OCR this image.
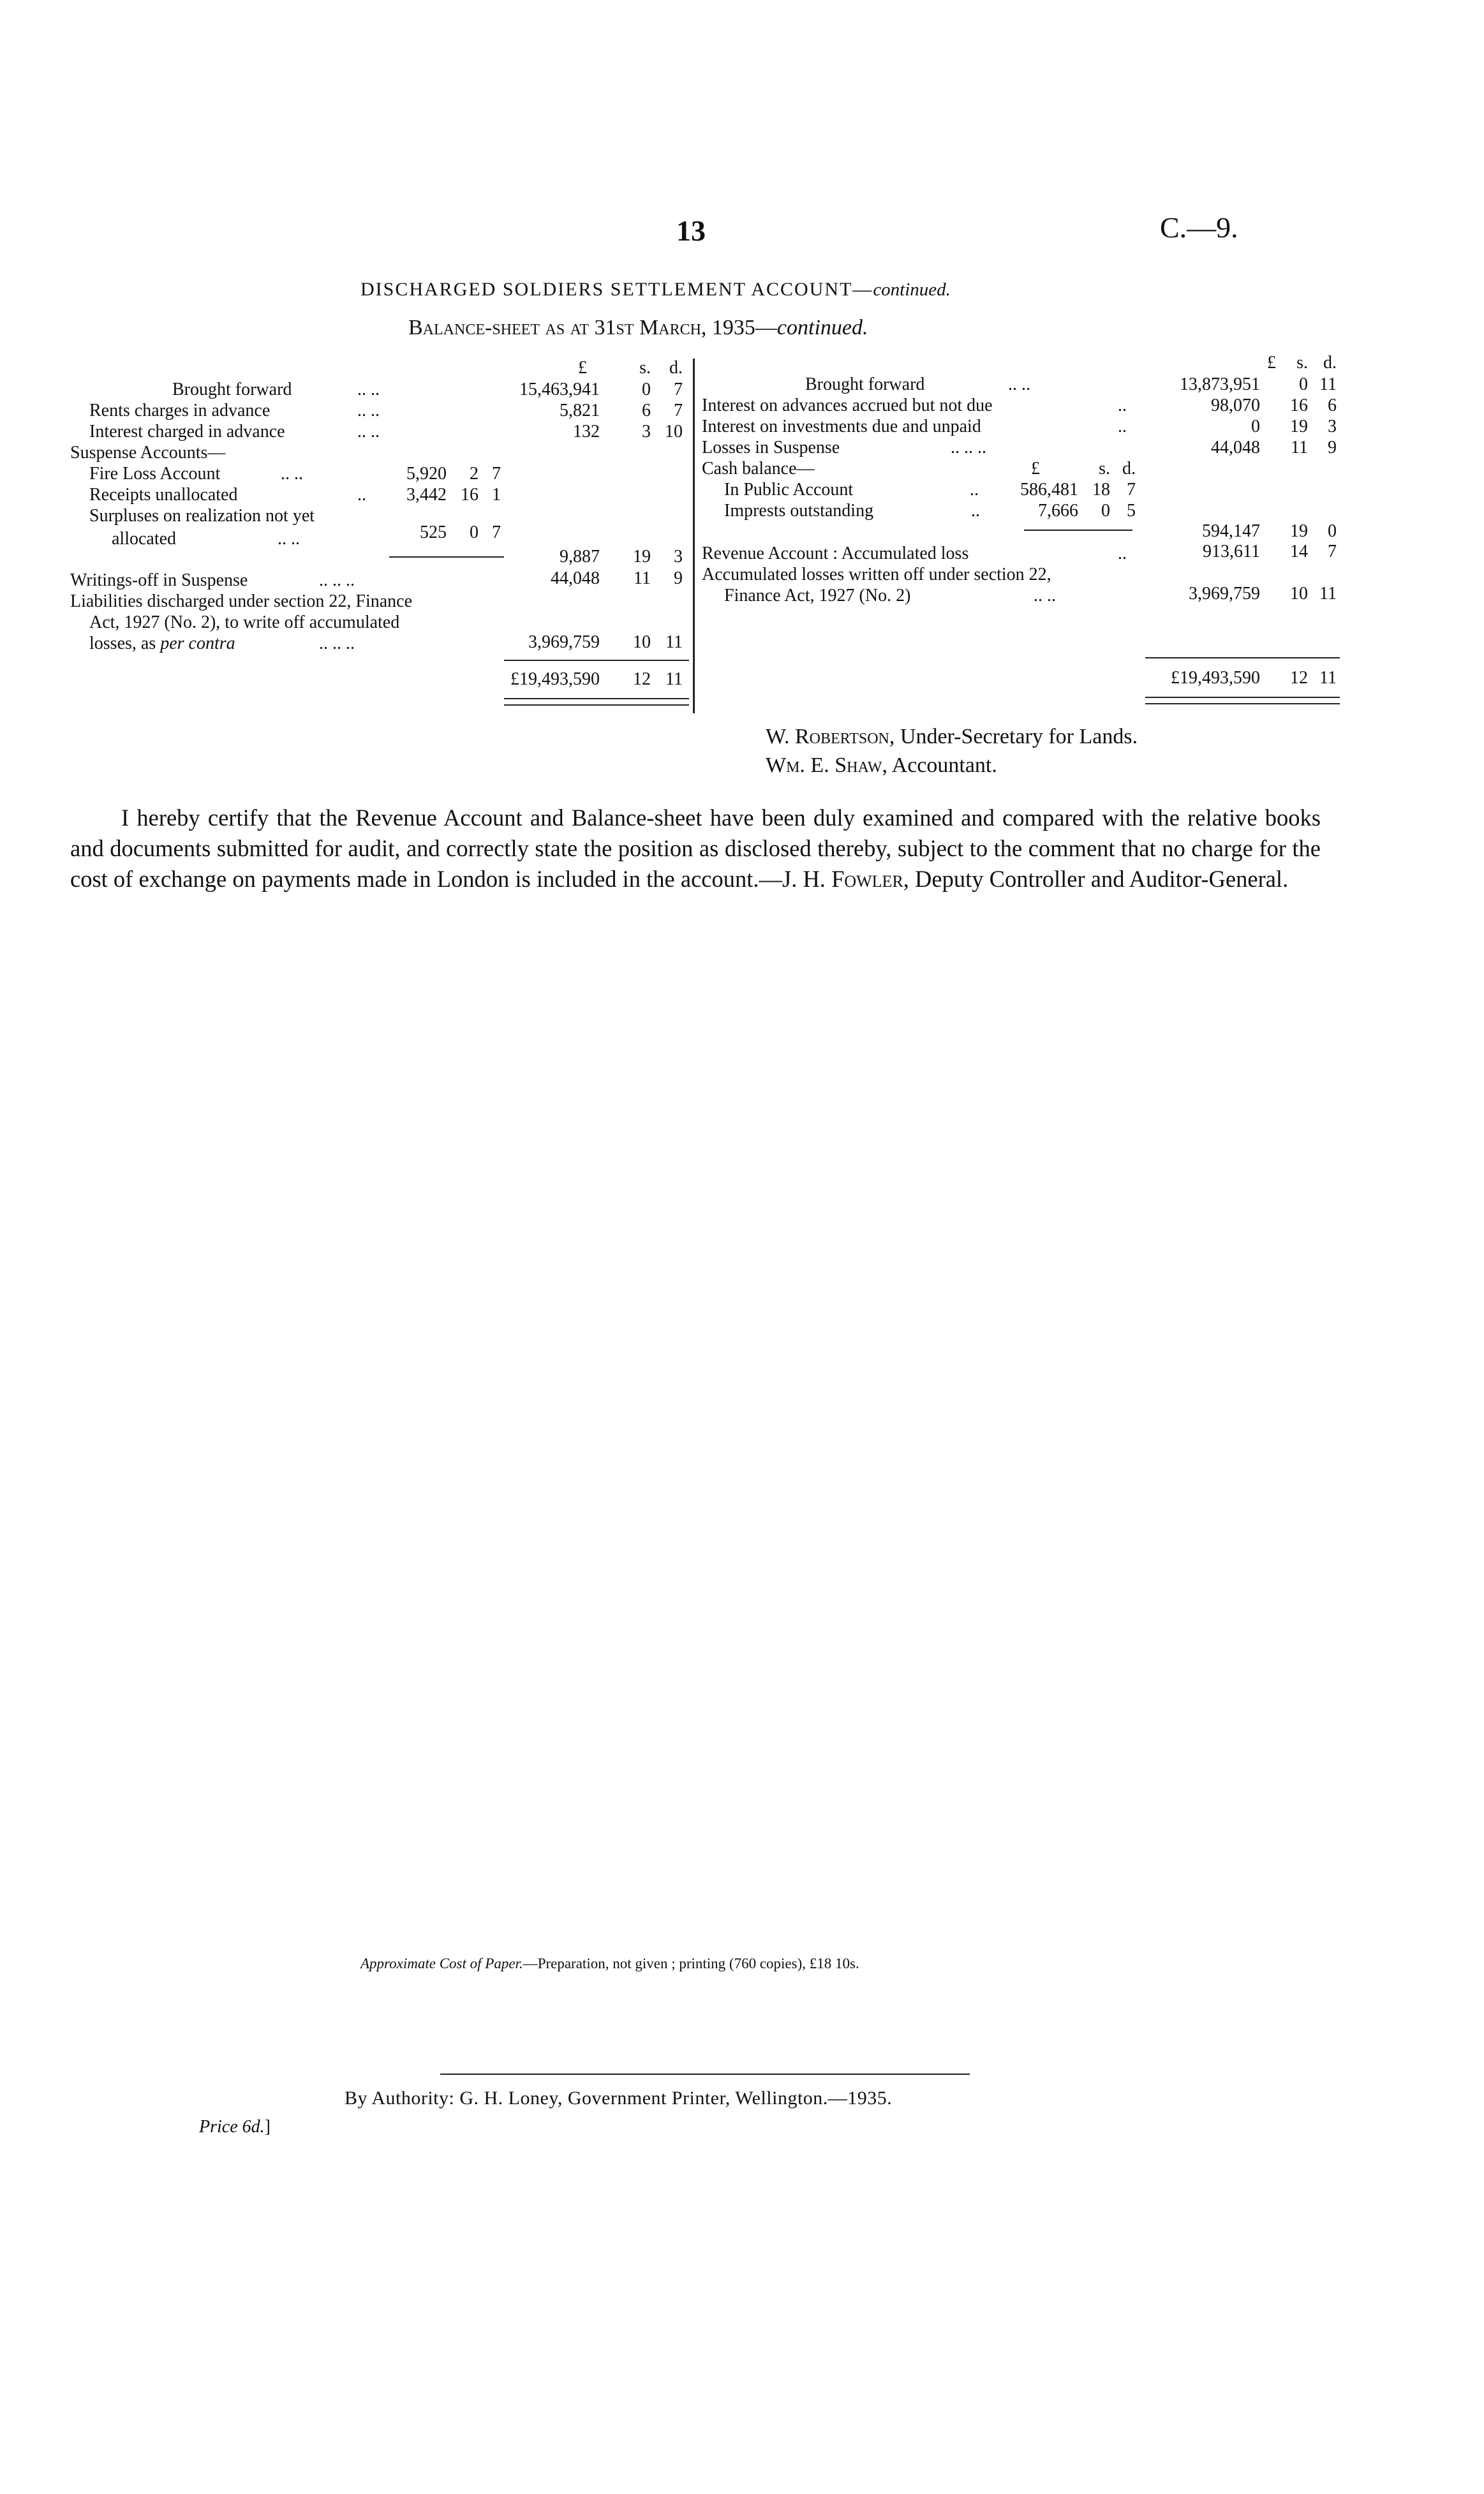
13	C.—9.
DISCHARGED SOLDIERS SETTLEMENT ACCOUNT—continued.
Balance-sheet as at 31st March, 1935—continued.
£	s.	d.
Brought forward	.. ..	15,463,941	0	7
Rents charges in advance	.. ..	5,821	6	7
Interest charged in advance	.. ..	132	3 10
Suspense Accounts—
Fire Loss Account	.. ..	5,920	2 7
Receipts unallocated	..	3,442 16 1
Surpluses on realization not yet
allocated	.. ..	525	0 7
9,887	19	3
Writings-off in Suspense	.. .. ..	44,048	11	9
Liabilities discharged under section 22, Finance
Act, 1927 (No. 2), to write off accumulated
losses, as per contra	.. .. ..	3,969,759	10 11
£19,493,590	12 11
£	s. d.
Brought forward	.. ..	13,873,951	0 11
Interest on advances accrued but not due	..	98,070	16	6
Interest on investments due and unpaid	..	0	19	3
Losses in Suspense	.. .. ..	44,048	11	9
Cash balance—	£	s. d.
In Public Account	..	586,481 18 7
Imprests outstanding	..	7,666	0 5
594,147	19	0
Revenue Account : Accumulated loss	..	913,611	14	7
Accumulated losses written off under section 22,
Finance Act, 1927 (No. 2)	.. ..	3,969,759	10 11
£19,493,590	12 11
W. Robertson, Under-Secretary for Lands.
Wm. E. Shaw, Accountant.
I hereby certify that the Revenue Account and Balance-sheet have been duly examined and compared with the relative books and documents submitted for audit, and correctly state the position as disclosed thereby, subject to the comment that no charge for the cost of exchange on payments made in London is included in the account.—J. H. Fowler, Deputy Controller and Auditor-General.
Approximate Cost of Paper.—Preparation, not given ; printing (760 copies), £18 10s.
By Authority: G. H. Loney, Government Printer, Wellington.—1935.
Price 6d.]
